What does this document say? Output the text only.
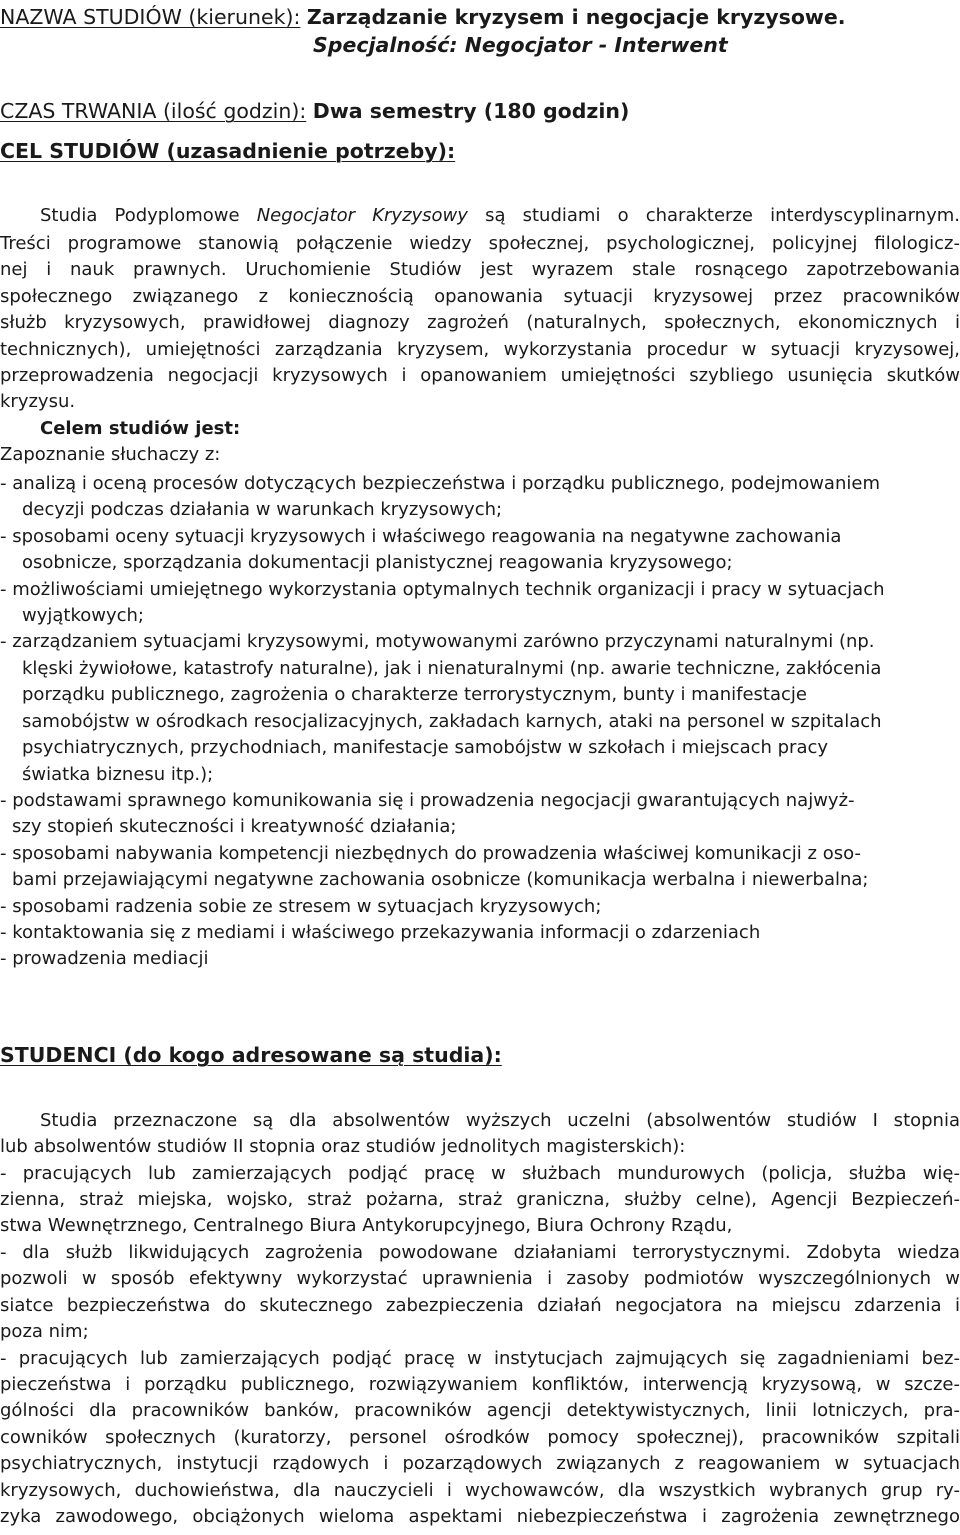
NAZWA STUDIÓW (kierunek): Zarządzanie kryzysem i negocjacje kryzysowe.
Specjalność: Negocjator - Interwent
CZAS TRWANIA (ilość godzin): Dwa semestry (180 godzin)
CEL STUDIÓW (uzasadnienie potrzeby):
Studia Podyplomowe Negocjator Kryzysowy są studiami o charakterze interdyscyplinarnym.
Treści programowe stanowią połączenie wiedzy społecznej, psychologicznej, policyjnej filologicz-
nej i nauk prawnych. Uruchomienie Studiów jest wyrazem stale rosnącego zapotrzebowania
społecznego związanego z koniecznością opanowania sytuacji kryzysowej przez pracowników
służb kryzysowych, prawidłowej diagnozy zagrożeń (naturalnych, społecznych, ekonomicznych i
technicznych), umiejętności zarządzania kryzysem, wykorzystania procedur w sytuacji kryzysowej,
przeprowadzenia negocjacji kryzysowych i opanowaniem umiejętności szybliego usunięcia skutków
kryzysu.
Celem studiów jest:
Zapoznanie słuchaczy z:
- analizą i oceną procesów dotyczących bezpieczeństwa i porządku publicznego, podejmowaniem
decyzji podczas działania w warunkach kryzysowych;
- sposobami oceny sytuacji kryzysowych i właściwego reagowania na negatywne zachowania
osobnicze, sporządzania dokumentacji planistycznej reagowania kryzysowego;
- możliwościami umiejętnego wykorzystania optymalnych technik organizacji i pracy w sytuacjach
wyjątkowych;
- zarządzaniem sytuacjami kryzysowymi, motywowanymi zarówno przyczynami naturalnymi (np.
klęski żywiołowe, katastrofy naturalne), jak i nienaturalnymi (np. awarie techniczne, zakłócenia
porządku publicznego, zagrożenia o charakterze terrorystycznym, bunty i manifestacje
samobójstw w ośrodkach resocjalizacyjnych, zakładach karnych, ataki na personel w szpitalach
psychiatrycznych, przychodniach, manifestacje samobójstw w szkołach i miejscach pracy
światka biznesu itp.);
- podstawami sprawnego komunikowania się i prowadzenia negocjacji gwarantujących najwyż-
szy stopień skuteczności i kreatywność działania;
- sposobami nabywania kompetencji niezbędnych do prowadzenia właściwej komunikacji z oso-
bami przejawiającymi negatywne zachowania osobnicze (komunikacja werbalna i niewerbalna;
- sposobami radzenia sobie ze stresem w sytuacjach kryzysowych;
- kontaktowania się z mediami i właściwego przekazywania informacji o zdarzeniach
- prowadzenia mediacji
STUDENCI (do kogo adresowane są studia):
Studia przeznaczone są dla absolwentów wyższych uczelni (absolwentów studiów I stopnia
lub absolwentów studiów II stopnia oraz studiów jednolitych magisterskich):
- pracujących lub zamierzających podjąć pracę w służbach mundurowych (policja, służba wię-
zienna, straż miejska, wojsko, straż pożarna, straż graniczna, służby celne), Agencji Bezpieczeń-
stwa Wewnętrznego, Centralnego Biura Antykorupcyjnego, Biura Ochrony Rządu,
- dla służb likwidujących zagrożenia powodowane działaniami terrorystycznymi. Zdobyta wiedza
pozwoli w sposób efektywny wykorzystać uprawnienia i zasoby podmiotów wyszczególnionych w
siatce bezpieczeństwa do skutecznego zabezpieczenia działań negocjatora na miejscu zdarzenia i
poza nim;
- pracujących lub zamierzających podjąć pracę w instytucjach zajmujących się zagadnieniami bez-
pieczeństwa i porządku publicznego, rozwiązywaniem konfliktów, interwencją kryzysową, w szcze-
gólności dla pracowników banków, pracowników agencji detektywistycznych, linii lotniczych, pra-
cowników społecznych (kuratorzy, personel ośrodków pomocy społecznej), pracowników szpitali
psychiatrycznych, instytucji rządowych i pozarządowych związanych z reagowaniem w sytuacjach
kryzysowych, duchowieństwa, dla nauczycieli i wychowawców, dla wszystkich wybranych grup ry-
zyka zawodowego, obciążonych wieloma aspektami niebezpieczeństwa i zagrożenia zewnętrznego
